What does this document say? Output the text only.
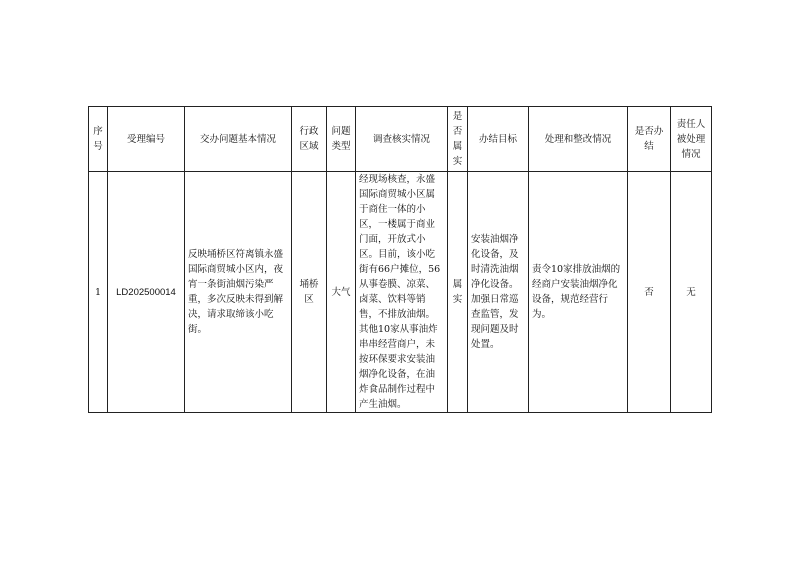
序号	受理编号	交办问题基本情况	行政区域	问题类型	调查核实情况	是否属实	办结目标	处理和整改情况	是否办结	责任人被处理情况
1	LD202500014	反映埇桥区符离镇永盛国际商贸城小区内，夜宵一条街油烟污染严重，多次反映未得到解决，请求取缔该小吃街。	埇桥区	大气	经现场核查，永盛国际商贸城小区属于商住一体的小区，一楼属于商业门面，开放式小区。目前，该小吃街有66户摊位，56从事卷膜、凉菜、卤菜、饮料等销售，不排放油烟。其他10家从事油炸串串经营商户，未按环保要求安装油烟净化设备，在油炸食品制作过程中产生油烟。	属实	安装油烟净化设备，及时清洗油烟净化设备。加强日常巡查监管，发现问题及时处置。	责令10家排放油烟的经商户安装油烟净化设备，规范经营行为。	否	无
